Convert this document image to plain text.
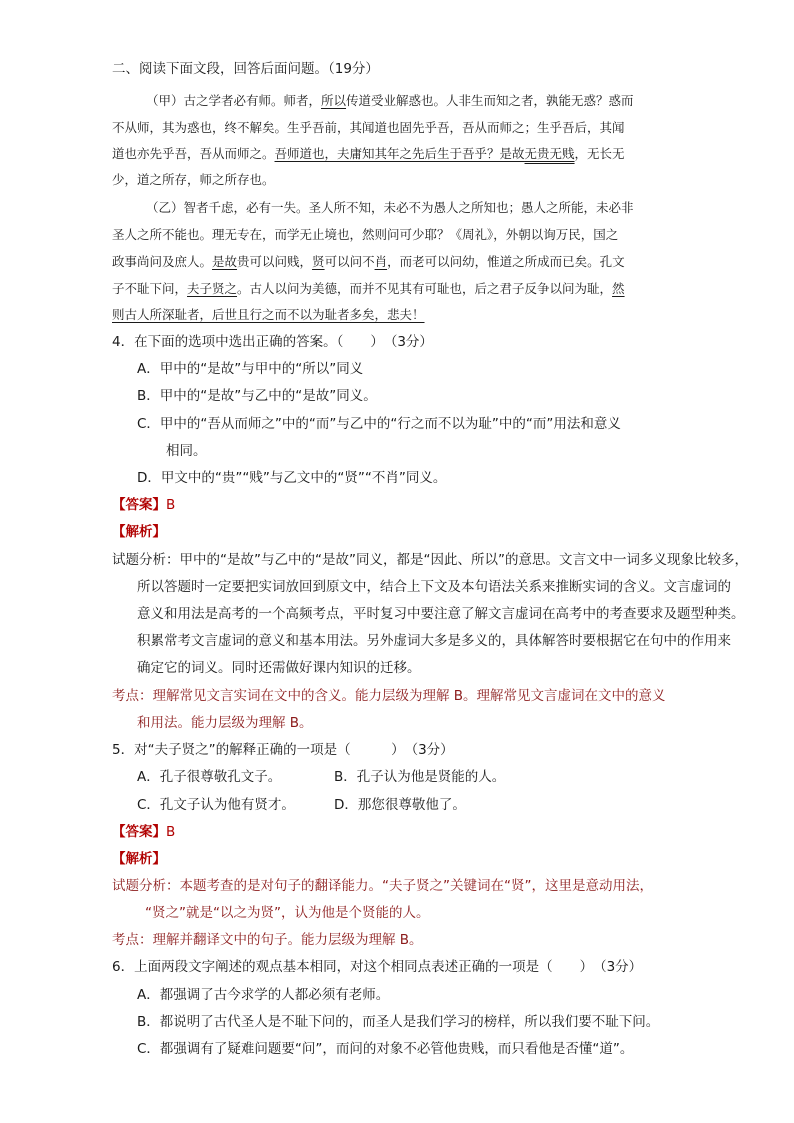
二、阅读下面文段，回答后面问题。（19分）
（甲）古之学者必有师。师者，所以传道受业解惑也。人非生而知之者，孰能无惑？惑而
不从师，其为惑也，终不解矣。生乎吾前，其闻道也固先乎吾，吾从而师之；生乎吾后，其闻
道也亦先乎吾，吾从而师之。吾师道也，夫庸知其年之先后生于吾乎？是故无贵无贱，无长无
少，道之所存，师之所存也。
（乙）智者千虑，必有一失。圣人所不知，未必不为愚人之所知也；愚人之所能，未必非
圣人之所不能也。理无专在，而学无止境也，然则问可少耶？《周礼》，外朝以询万民，国之
政事尚问及庶人。是故贵可以问贱，贤可以问不肖，而老可以问幼，惟道之所成而已矣。孔文
子不耻下问，夫子贤之。古人以问为美德，而并不见其有可耻也，后之君子反争以问为耻，然
则古人所深耻者，后世且行之而不以为耻者多矣，悲夫！
4．在下面的选项中选出正确的答案。（　　）　（3分）
A．甲中的“是故”与甲中的“所以”同义
B．甲中的“是故”与乙中的“是故”同义。
C．甲中的“吾从而师之”中的“而”与乙中的“行之而不以为耻”中的“而”用法和意义
相同。
D．甲文中的“贵”“贱”与乙文中的“贤”“不肖”同义。
【答案】B
【解析】
试题分析：甲中的“是故”与乙中的“是故”同义，都是“因此、所以”的意思。文言文中一词多义现象比较多，
所以答题时一定要把实词放回到原文中，结合上下文及本句语法关系来推断实词的含义。文言虚词的
意义和用法是高考的一个高频考点，平时复习中要注意了解文言虚词在高考中的考查要求及题型种类。
积累常考文言虚词的意义和基本用法。另外虚词大多是多义的，具体解答时要根据它在句中的作用来
确定它的词义。同时还需做好课内知识的迁移。
考点：理解常见文言实词在文中的含义。能力层级为理解 B。理解常见文言虚词在文中的意义
和用法。能力层级为理解 B。
5．对“夫子贤之”的解释正确的一项是（　　　）　（3分）
A．孔子很尊敬孔文子。	B．孔子认为他是贤能的人。
C．孔文子认为他有贤才。	D．那您很尊敬他了。
【答案】B
【解析】
试题分析：本题考查的是对句子的翻译能力。“夫子贤之”关键词在“贤”，这里是意动用法，
“贤之”就是“以之为贤”，认为他是个贤能的人。
考点：理解并翻译文中的句子。能力层级为理解 B。
6．上面两段文字阐述的观点基本相同，对这个相同点表述正确的一项是（　　）　（3分）
A．都强调了古今求学的人都必须有老师。
B．都说明了古代圣人是不耻下问的，而圣人是我们学习的榜样，所以我们要不耻下问。
C．都强调有了疑难问题要“问”，而问的对象不必管他贵贱，而只看他是否懂“道”。
